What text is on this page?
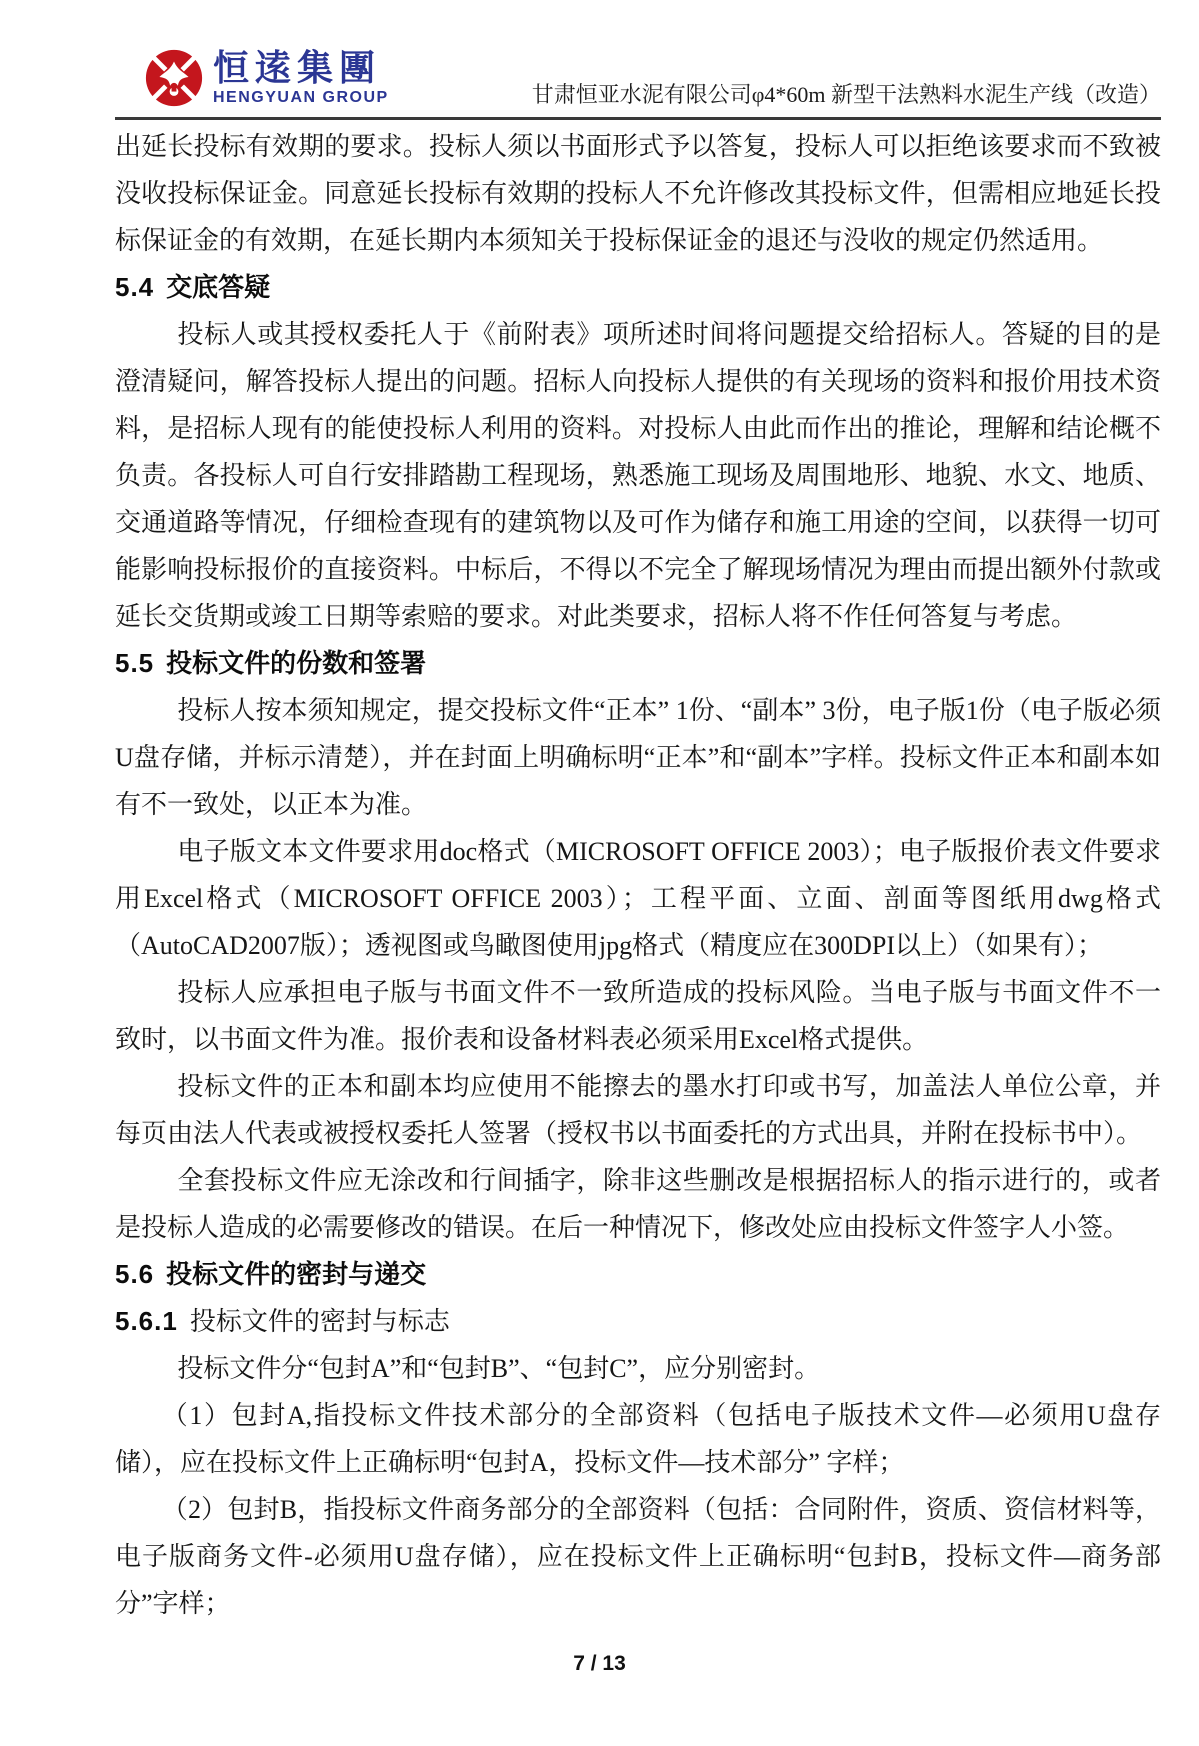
恒逺集團
HENGYUAN GROUP	甘肃恒亚水泥有限公司φ4*60m 新型干法熟料水泥生产线（改造）

出延长投标有效期的要求。投标人须以书面形式予以答复，投标人可以拒绝该要求而不致被没收投标保证金。同意延长投标有效期的投标人不允许修改其投标文件，但需相应地延长投标保证金的有效期，在延长期内本须知关于投标保证金的退还与没收的规定仍然适用。

5.4 交底答疑

投标人或其授权委托人于《前附表》项所述时间将问题提交给招标人。答疑的目的是澄清疑问，解答投标人提出的问题。招标人向投标人提供的有关现场的资料和报价用技术资料，是招标人现有的能使投标人利用的资料。对投标人由此而作出的推论，理解和结论概不负责。各投标人可自行安排踏勘工程现场，熟悉施工现场及周围地形、地貌、水文、地质、交通道路等情况，仔细检查现有的建筑物以及可作为储存和施工用途的空间，以获得一切可能影响投标报价的直接资料。中标后，不得以不完全了解现场情况为理由而提出额外付款或延长交货期或竣工日期等索赔的要求。对此类要求，招标人将不作任何答复与考虑。

5.5 投标文件的份数和签署

投标人按本须知规定，提交投标文件“正本” 1份、“副本” 3份，电子版1份（电子版必须U盘存储，并标示清楚），并在封面上明确标明“正本”和“副本”字样。投标文件正本和副本如有不一致处，以正本为准。

电子版文本文件要求用doc格式（MICROSOFT OFFICE 2003）；电子版报价表文件要求用Excel格式（MICROSOFT OFFICE 2003）；工程平面、立面、剖面等图纸用dwg格式（AutoCAD2007版）；透视图或鸟瞰图使用jpg格式（精度应在300DPI以上）（如果有）；

投标人应承担电子版与书面文件不一致所造成的投标风险。当电子版与书面文件不一致时，以书面文件为准。报价表和设备材料表必须采用Excel格式提供。

投标文件的正本和副本均应使用不能擦去的墨水打印或书写，加盖法人单位公章，并每页由法人代表或被授权委托人签署（授权书以书面委托的方式出具，并附在投标书中）。

全套投标文件应无涂改和行间插字，除非这些删改是根据招标人的指示进行的，或者是投标人造成的必需要修改的错误。在后一种情况下，修改处应由投标文件签字人小签。

5.6 投标文件的密封与递交
5.6.1 投标文件的密封与标志

投标文件分“包封A”和“包封B”、“包封C”，应分别密封。

（1）包封A,指投标文件技术部分的全部资料（包括电子版技术文件—必须用U盘存储），应在投标文件上正确标明“包封A，投标文件—技术部分” 字样；

（2）包封B，指投标文件商务部分的全部资料（包括：合同附件，资质、资信材料等，电子版商务文件-必须用U盘存储），应在投标文件上正确标明“包封B，投标文件—商务部分”字样；

7 / 13
